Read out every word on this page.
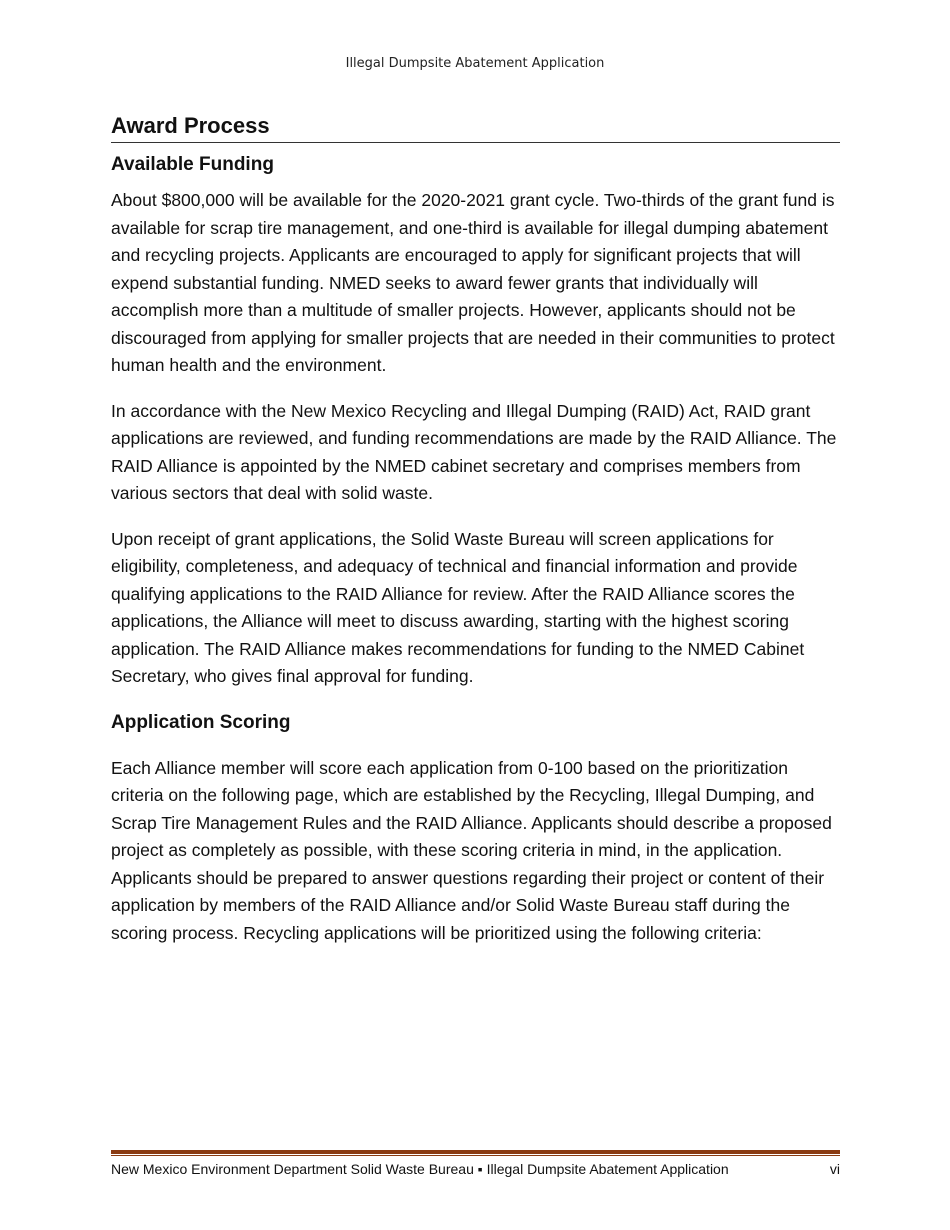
Illegal Dumpsite Abatement Application
Award Process
Available Funding

About $800,000 will be available for the 2020-2021 grant cycle. Two-thirds of the grant fund is available for scrap tire management, and one-third is available for illegal dumping abatement and recycling projects. Applicants are encouraged to apply for significant projects that will expend substantial funding. NMED seeks to award fewer grants that individually will accomplish more than a multitude of smaller projects. However, applicants should not be discouraged from applying for smaller projects that are needed in their communities to protect human health and the environment.

In accordance with the New Mexico Recycling and Illegal Dumping (RAID) Act, RAID grant applications are reviewed, and funding recommendations are made by the RAID Alliance. The RAID Alliance is appointed by the NMED cabinet secretary and comprises members from various sectors that deal with solid waste.

Upon receipt of grant applications, the Solid Waste Bureau will screen applications for eligibility, completeness, and adequacy of technical and financial information and provide qualifying applications to the RAID Alliance for review. After the RAID Alliance scores the applications, the Alliance will meet to discuss awarding, starting with the highest scoring application. The RAID Alliance makes recommendations for funding to the NMED Cabinet Secretary, who gives final approval for funding.

Application Scoring

Each Alliance member will score each application from 0-100 based on the prioritization criteria on the following page, which are established by the Recycling, Illegal Dumping, and Scrap Tire Management Rules and the RAID Alliance. Applicants should describe a proposed project as completely as possible, with these scoring criteria in mind, in the application. Applicants should be prepared to answer questions regarding their project or content of their application by members of the RAID Alliance and/or Solid Waste Bureau staff during the scoring process. Recycling applications will be prioritized using the following criteria:

New Mexico Environment Department Solid Waste Bureau ▪ Illegal Dumpsite Abatement Application	vi
